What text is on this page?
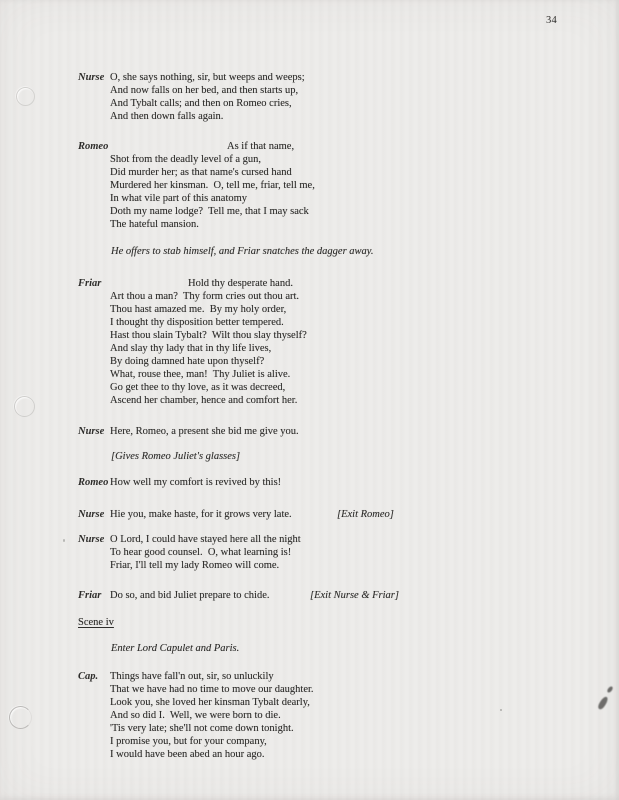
34
Nurse O, she says nothing, sir, but weeps and weeps;
And now falls on her bed, and then starts up,
And Tybalt calls; and then on Romeo cries,
And then down falls again.
Romeo	As if that name,
Shot from the deadly level of a gun,
Did murder her; as that name's cursed hand
Murdered her kinsman.  O, tell me, friar, tell me,
In what vile part of this anatomy
Doth my name lodge?  Tell me, that I may sack
The hateful mansion.
He offers to stab himself, and Friar snatches the dagger away.
Friar	Hold thy desperate hand.
Art thou a man?  Thy form cries out thou art.
Thou hast amazed me.  By my holy order,
I thought thy disposition better tempered.
Hast thou slain Tybalt?  Wilt thou slay thyself?
And slay thy lady that in thy life lives,
By doing damned hate upon thyself?
What, rouse thee, man!  Thy Juliet is alive.
Go get thee to thy love, as it was decreed,
Ascend her chamber, hence and comfort her.
Nurse Here, Romeo, a present she bid me give you.
[Gives Romeo Juliet's glasses]
Romeo How well my comfort is revived by this!
Nurse Hie you, make haste, for it grows very late.	[Exit Romeo]
Nurse O Lord, I could have stayed here all the night
To hear good counsel.  O, what learning is!
Friar, I'll tell my lady Romeo will come.
Friar Do so, and bid Juliet prepare to chide.	[Exit Nurse & Friar]
Scene iv
Enter Lord Capulet and Paris.
Cap. Things have fall'n out, sir, so unluckily
That we have had no time to move our daughter.
Look you, she loved her kinsman Tybalt dearly,
And so did I.  Well, we were born to die.
'Tis very late; she'll not come down tonight.
I promise you, but for your company,
I would have been abed an hour ago.
